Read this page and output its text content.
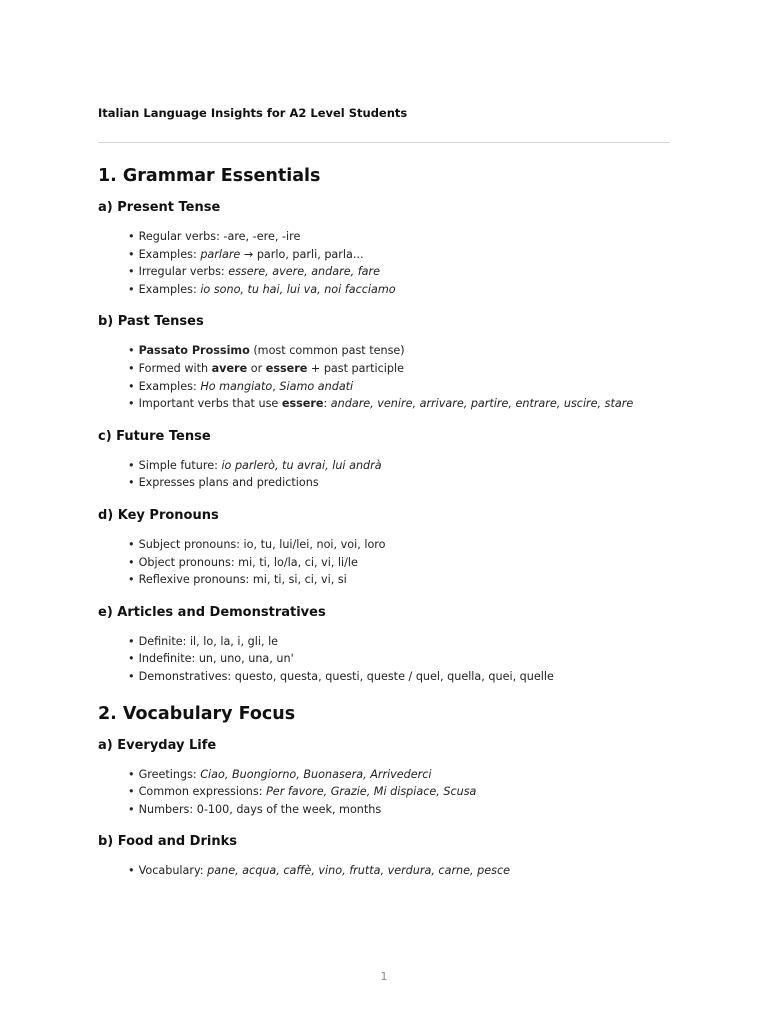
Italian Language Insights for A2 Level Students
1. Grammar Essentials
a) Present Tense
• Regular verbs: -are, -ere, -ire
• Examples: parlare → parlo, parli, parla...
• Irregular verbs: essere, avere, andare, fare
• Examples: io sono, tu hai, lui va, noi facciamo
b) Past Tenses
• Passato Prossimo (most common past tense)
• Formed with avere or essere + past participle
• Examples: Ho mangiato, Siamo andati
• Important verbs that use essere: andare, venire, arrivare, partire, entrare, uscire, stare
c) Future Tense
• Simple future: io parlerò, tu avrai, lui andrà
• Expresses plans and predictions
d) Key Pronouns
• Subject pronouns: io, tu, lui/lei, noi, voi, loro
• Object pronouns: mi, ti, lo/la, ci, vi, li/le
• Reflexive pronouns: mi, ti, si, ci, vi, si
e) Articles and Demonstratives
• Definite: il, lo, la, i, gli, le
• Indefinite: un, uno, una, un'
• Demonstratives: questo, questa, questi, queste / quel, quella, quei, quelle
2. Vocabulary Focus
a) Everyday Life
• Greetings: Ciao, Buongiorno, Buonasera, Arrivederci
• Common expressions: Per favore, Grazie, Mi dispiace, Scusa
• Numbers: 0-100, days of the week, months
b) Food and Drinks
• Vocabulary: pane, acqua, caffè, vino, frutta, verdura, carne, pesce
1
